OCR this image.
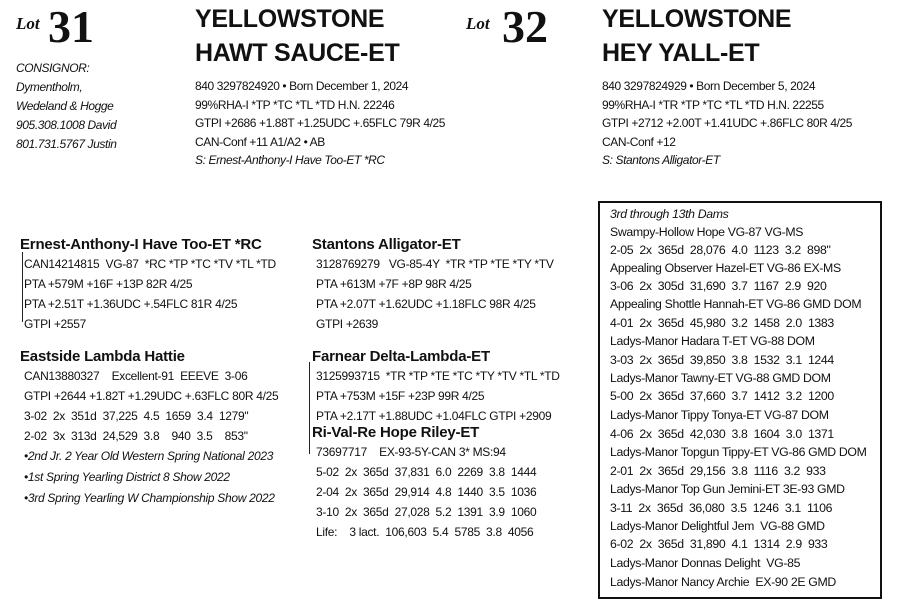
Lot 31	YELLOWSTONE
HAWT SAUCE-ET
CONSIGNOR:
Dymentholm,
Wedeland & Hogge
905.308.1008 David
801.731.5767 Justin
840 3297824920 • Born December 1, 2024
99%RHA-I *TP *TC *TL *TD H.N. 22246
GTPI +2686 +1.88T +1.25UDC +.65FLC 79R 4/25
CAN-Conf +11 A1/A2 • AB
S: Ernest-Anthony-I Have Too-ET *RC
Lot 32 YELLOWSTONE
HEY YALL-ET
840 3297824929 • Born December 5, 2024
99%RHA-I *TR *TP *TC *TL *TD H.N. 22255
GTPI +2712 +2.00T +1.41UDC +.86FLC 80R 4/25
CAN-Conf +12
S: Stantons Alligator-ET
Ernest-Anthony-I Have Too-ET *RC
CAN14214815  VG-87  *RC *TP *TC *TV *TL *TD
PTA +579M +16F +13P 82R 4/25
PTA +2.51T +1.36UDC +.54FLC 81R 4/25
GTPI +2557
Eastside Lambda Hattie
CAN13880327    Excellent-91  EEEVE  3-06
GTPI +2644 +1.82T +1.29UDC +.63FLC 80R 4/25
3-02  2x  351d  37,225  4.5  1659  3.4  1279"
2-02  3x  313d  24,529  3.8    940  3.5    853"
•2nd Jr. 2 Year Old Western Spring National 2023
•1st Spring Yearling District 8 Show 2022
•3rd Spring Yearling W Championship Show 2022
Stantons Alligator-ET
3128769279   VG-85-4Y  *TR *TP *TE *TY *TV
PTA +613M +7F +8P 98R 4/25
PTA +2.07T +1.62UDC +1.18FLC 98R 4/25
GTPI +2639
Farnear Delta-Lambda-ET
3125993715  *TR *TP *TE *TC *TY *TV *TL *TD
PTA +753M +15F +23P 99R 4/25
PTA +2.17T +1.88UDC +1.04FLC GTPI +2909
Ri-Val-Re Hope Riley-ET
73697717    EX-93-5Y-CAN 3* MS:94
5-02  2x  365d  37,831  6.0  2269  3.8  1444
2-04  2x  365d  29,914  4.8  1440  3.5  1036
3-10  2x  365d  27,028  5.2  1391  3.9  1060
Life:    3 lact.  106,603  5.4  5785  3.8  4056
3rd through 13th Dams
Swampy-Hollow Hope VG-87 VG-MS
2-05  2x  365d  28,076  4.0  1123  3.2  898"
Appealing Observer Hazel-ET VG-86 EX-MS
3-06  2x  305d  31,690  3.7  1167  2.9  920
Appealing Shottle Hannah-ET VG-86 GMD DOM
4-01  2x  365d  45,980  3.2  1458  2.0  1383
Ladys-Manor Hadara T-ET VG-88 DOM
3-03  2x  365d  39,850  3.8  1532  3.1  1244
Ladys-Manor Tawny-ET VG-88 GMD DOM
5-00  2x  365d  37,660  3.7  1412  3.2  1200
Ladys-Manor Tippy Tonya-ET VG-87 DOM
4-06  2x  365d  42,030  3.8  1604  3.0  1371
Ladys-Manor Topgun Tippy-ET VG-86 GMD DOM
2-01  2x  365d  29,156  3.8  1116  3.2  933
Ladys-Manor Top Gun Jemini-ET 3E-93 GMD
3-11  2x  365d  36,080  3.5  1246  3.1  1106
Ladys-Manor Delightful Jem  VG-88 GMD
6-02  2x  365d  31,890  4.1  1314  2.9  933
Ladys-Manor Donnas Delight  VG-85
Ladys-Manor Nancy Archie  EX-90 2E GMD
